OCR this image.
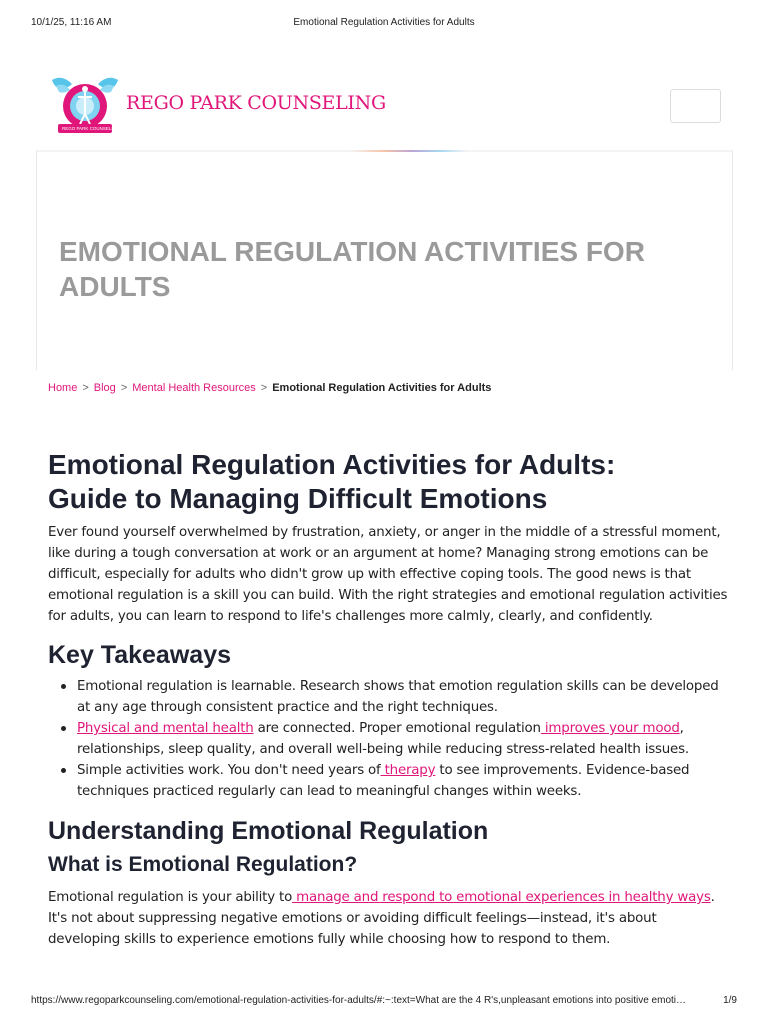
10/1/25, 11:16 AM	Emotional Regulation Activities for Adults
REGO PARK COUNSELING
REGO PARK COUNSELING
EMOTIONAL REGULATION ACTIVITIES FOR ADULTS
Home > Blog > Mental Health Resources > Emotional Regulation Activities for Adults
Emotional Regulation Activities for Adults:
Guide to Managing Difficult Emotions

Ever found yourself overwhelmed by frustration, anxiety, or anger in the middle of a stressful moment, like during a tough conversation at work or an argument at home? Managing strong emotions can be difficult, especially for adults who didn't grow up with effective coping tools. The good news is that emotional regulation is a skill you can build. With the right strategies and emotional regulation activities for adults, you can learn to respond to life's challenges more calmly, clearly, and confidently.

Key Takeaways
Emotional regulation is learnable. Research shows that emotion regulation skills can be developed at any age through consistent practice and the right techniques.
Physical and mental health are connected. Proper emotional regulation improves your mood, relationships, sleep quality, and overall well-being while reducing stress-related health issues.
Simple activities work. You don't need years of therapy to see improvements. Evidence-based techniques practiced regularly can lead to meaningful changes within weeks.
Understanding Emotional Regulation
What is Emotional Regulation?

Emotional regulation is your ability to manage and respond to emotional experiences in healthy ways. It's not about suppressing negative emotions or avoiding difficult feelings—instead, it's about developing skills to experience emotions fully while choosing how to respond to them.

https://www.regoparkcounseling.com/emotional-regulation-activities-for-adults/#:~:text=What are the 4 R's,unpleasant emotions into positive emoti…	1/9
